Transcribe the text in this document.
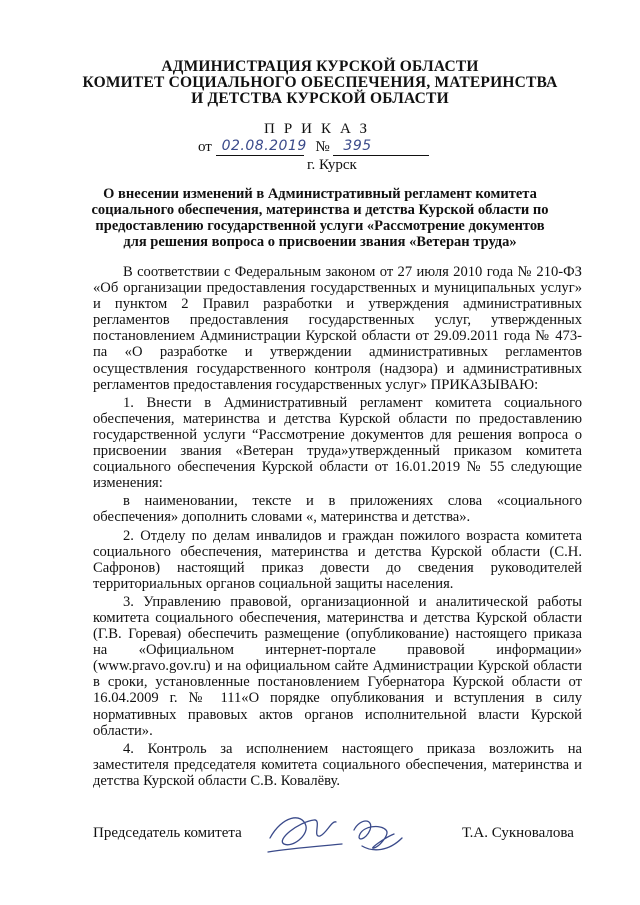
АДМИНИСТРАЦИЯ КУРСКОЙ ОБЛАСТИ
КОМИТЕТ СОЦИАЛЬНОГО ОБЕСПЕЧЕНИЯ, МАТЕРИНСТВА
И ДЕТСТВА КУРСКОЙ ОБЛАСТИ
ПРИКАЗ
от 02.08.2019 № 395
г. Курск
О внесении изменений в Административный регламент комитета социального обеспечения, материнства и детства Курской области по предоставлению государственной услуги «Рассмотрение документов для решения вопроса о присвоении звания «Ветеран труда»

В соответствии с Федеральным законом от 27 июля 2010 года № 210-ФЗ «Об организации предоставления государственных и муниципальных услуг» и пунктом 2 Правил разработки и утверждения административных регламентов предоставления государственных услуг, утвержденных постановлением Администрации Курской области от 29.09.2011 года № 473-па «О разработке и утверждении административных регламентов осуществления государственного контроля (надзора) и административных регламентов предоставления государственных услуг» ПРИКАЗЫВАЮ:

1. Внести в Административный регламент комитета социального обеспечения, материнства и детства Курской области по предоставлению государственной услуги “Рассмотрение документов для решения вопроса о присвоении звания «Ветеран труда»утвержденный приказом комитета социального обеспечения Курской области от 16.01.2019 № 55 следующие изменения:

в наименовании, тексте и в приложениях слова «социального обеспечения» дополнить словами «, материнства и детства».

2. Отделу по делам инвалидов и граждан пожилого возраста комитета социального обеспечения, материнства и детства Курской области (С.Н. Сафронов) настоящий приказ довести до сведения руководителей территориальных органов социальной защиты населения.

3. Управлению правовой, организационной и аналитической работы комитета социального обеспечения, материнства и детства Курской области (Г.В. Горевая) обеспечить размещение (опубликование) настоящего приказа на «Официальном интернет-портале правовой информации» (www.pravo.gov.ru) и на официальном сайте Администрации Курской области в сроки, установленные постановлением Губернатора Курской области от 16.04.2009 г. № 111«О порядке опубликования и вступления в силу нормативных правовых актов органов исполнительной власти Курской области».

4. Контроль за исполнением настоящего приказа возложить на заместителя председателя комитета социального обеспечения, материнства и детства Курской области С.В. Ковалёву.

Председатель комитета	Т.А. Сукновалова
